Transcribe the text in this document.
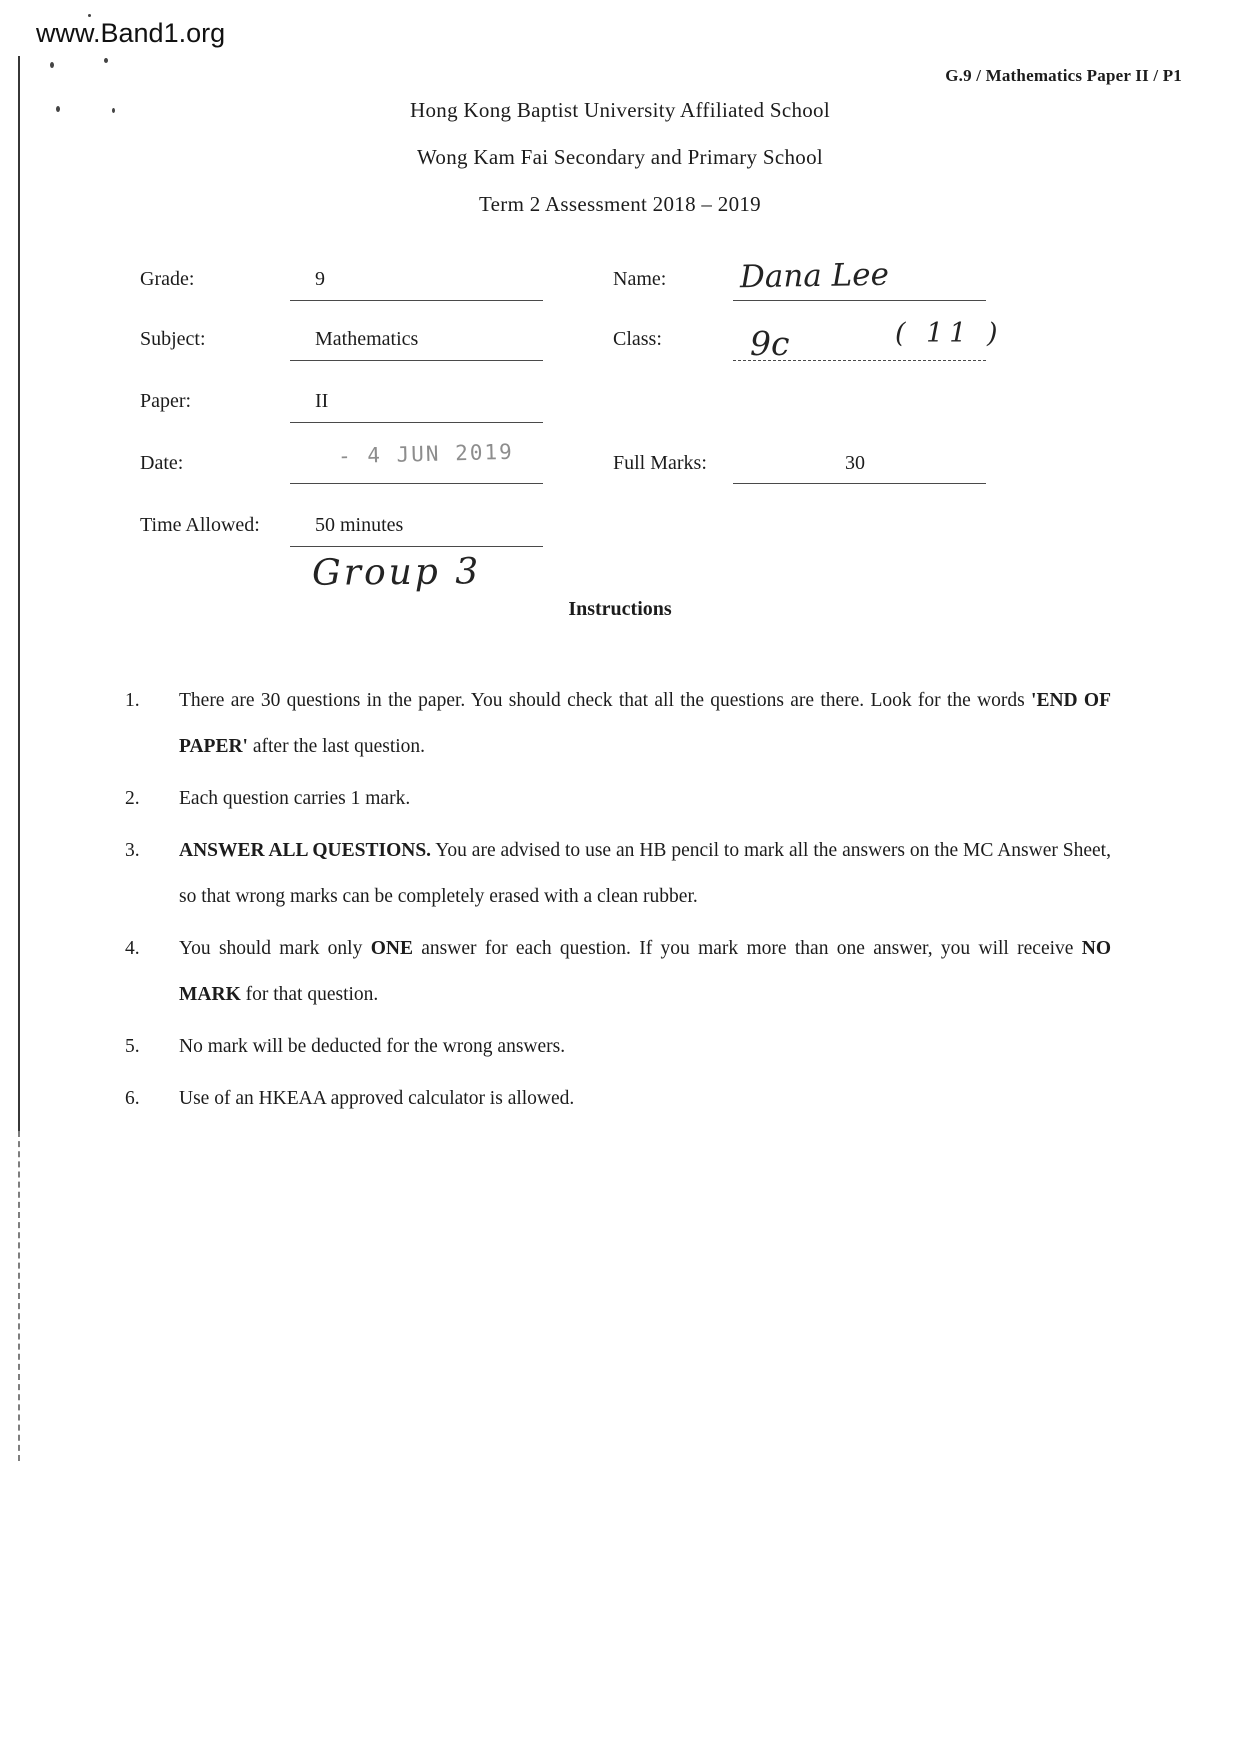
www.Band1.org
G.9 / Mathematics Paper II / P1
Hong Kong Baptist University Affiliated School
Wong Kam Fai Secondary and Primary School
Term 2 Assessment 2018 – 2019
Grade:	9	Name: Dana Lee
Subject:	Mathematics	Class:	9c	( 11 )
Paper:	II
Date:	- 4 JUN 2019	Full Marks:	30
Time Allowed:	50 minutes
Group 3
Instructions
1.	There are 30 questions in the paper. You should check that all the questions are there. Look for the words 'END OF PAPER' after the last question.
2.	Each question carries 1 mark.
3.	ANSWER ALL QUESTIONS. You are advised to use an HB pencil to mark all the answers on the MC Answer Sheet, so that wrong marks can be completely erased with a clean rubber.
4.	You should mark only ONE answer for each question. If you mark more than one answer, you will receive NO MARK for that question.
5.	No mark will be deducted for the wrong answers.
6.	Use of an HKEAA approved calculator is allowed.
